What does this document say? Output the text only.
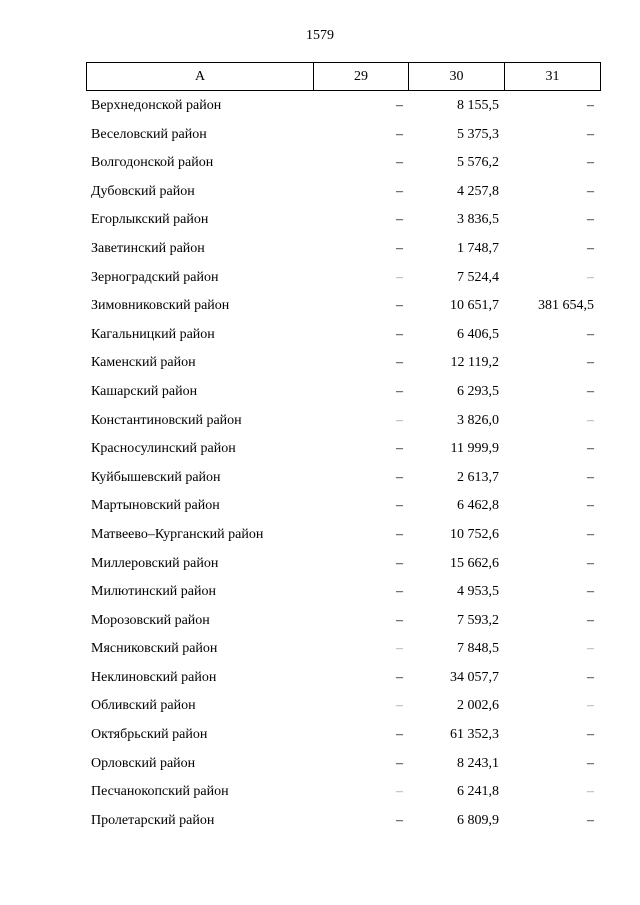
1579
А	29	30	31
Верхнедонской район	–	8 155,5	–
Веселовский район	–	5 375,3	–
Волгодонской район	–	5 576,2	–
Дубовский район	–	4 257,8	–
Егорлыкский район	–	3 836,5	–
Заветинский район	–	1 748,7	–
Зерноградский район	–	7 524,4	–
Зимовниковский район	–	10 651,7	381 654,5
Кагальницкий район	–	6 406,5	–
Каменский район	–	12 119,2	–
Кашарский район	–	6 293,5	–
Константиновский район	–	3 826,0	–
Красносулинский район	–	11 999,9	–
Куйбышевский район	–	2 613,7	–
Мартыновский район	–	6 462,8	–
Матвеево–Курганский район	–	10 752,6	–
Миллеровский район	–	15 662,6	–
Милютинский район	–	4 953,5	–
Морозовский район	–	7 593,2	–
Мясниковский район	–	7 848,5	–
Неклиновский район	–	34 057,7	–
Обливский район	–	2 002,6	–
Октябрьский район	–	61 352,3	–
Орловский район	–	8 243,1	–
Песчанокопский район	–	6 241,8	–
Пролетарский район	–	6 809,9	–
